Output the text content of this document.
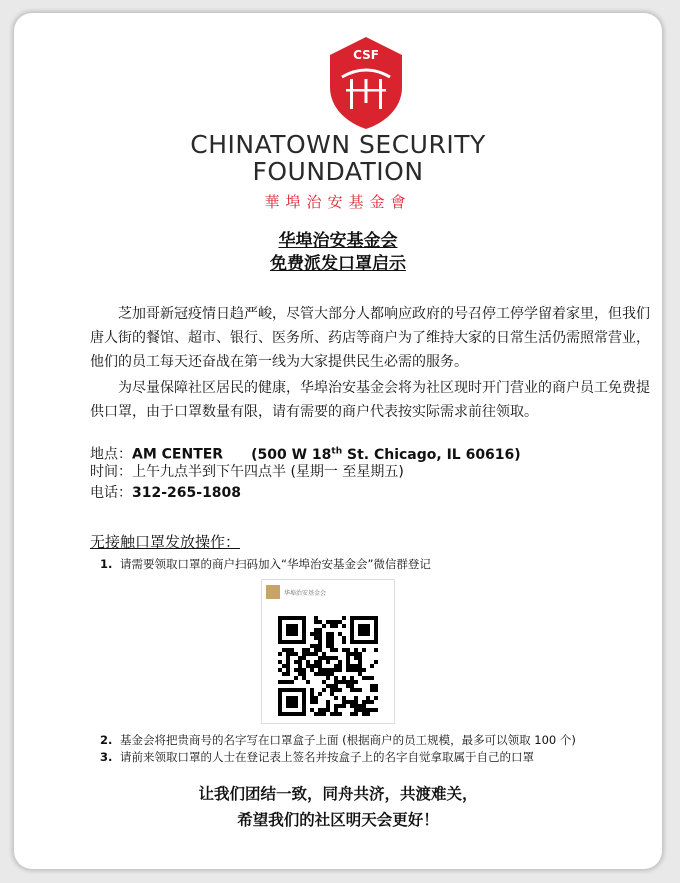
CSF
CHINATOWN SECURITY
FOUNDATION
華埠治安基金會
华埠治安基金会
免费派发口罩启示
芝加哥新冠疫情日趋严峻，尽管大部分人都响应政府的号召停工停学留着家里，但我们唐人街的餐馆、超市、银行、医务所、药店等商户为了维持大家的日常生活仍需照常营业，他们的员工每天还奋战在第一线为大家提供民生必需的服务。
为尽量保障社区居民的健康，华埠治安基金会将为社区现时开门营业的商户员工免费提供口罩，由于口罩数量有限，请有需要的商户代表按实际需求前往领取。
地点：AM CENTER (500 W 18th St. Chicago, IL 60616)
时间：上午九点半到下午四点半 (星期一 至星期五)
电话：312-265-1808
无接触口罩发放操作：
1. 请需要领取口罩的商户扫码加入“华埠治安基金会”微信群登记
华埠治安基金会
2. 基金会将把贵商号的名字写在口罩盒子上面 (根据商户的员工规模，最多可以领取 100 个)
3. 请前来领取口罩的人士在登记表上签名并按盒子上的名字自觉拿取属于自己的口罩
让我们团结一致，同舟共济，共渡难关，
希望我们的社区明天会更好！
